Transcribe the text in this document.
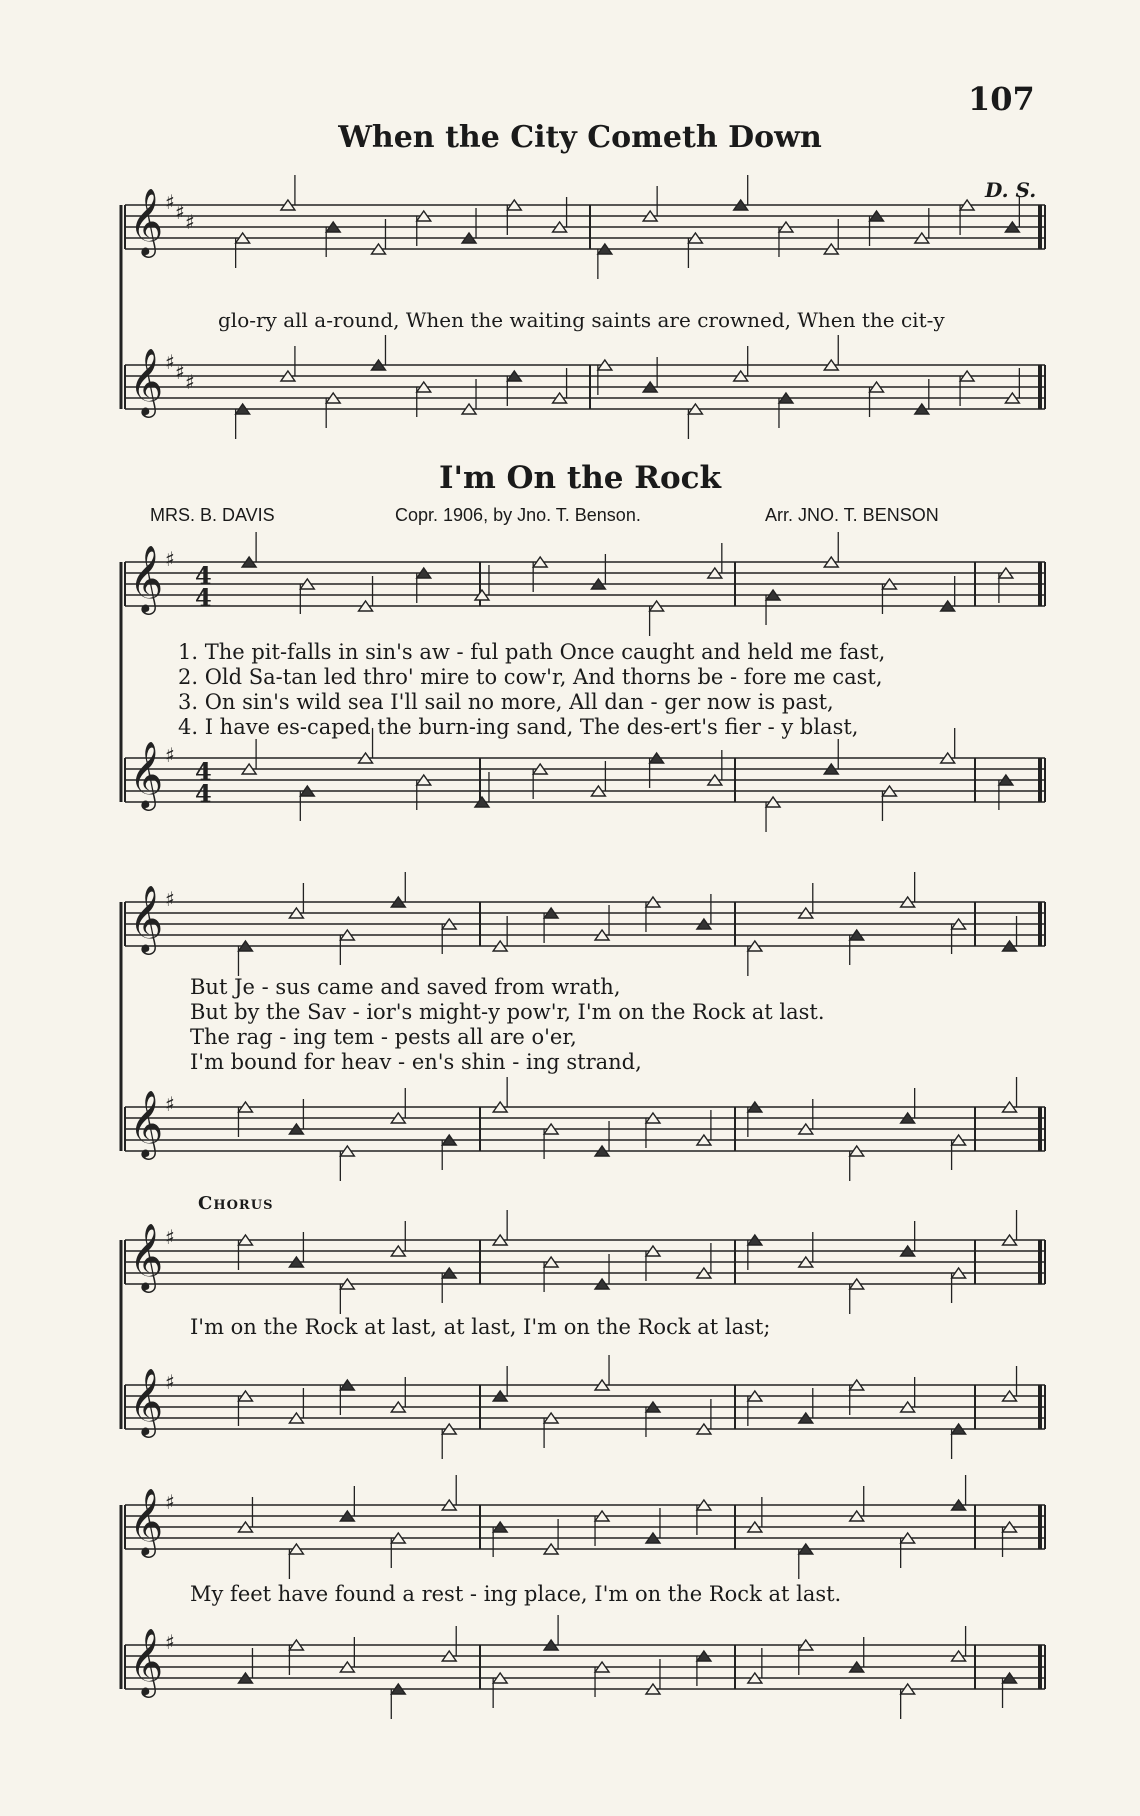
107
When the City Cometh Down
D. S.
glo-ry all a-round, When the waiting saints are crowned, When the cit-y
I'm On the Rock
MRS. B. DAVIS	Copr. 1906, by Jno. T. Benson.	Arr. JNO. T. BENSON
1. The pit-falls in sin's aw - ful path Once caught and held me fast,
2. Old Sa-tan led thro' mire to cow'r, And thorns be - fore me cast,
3. On sin's wild sea I'll sail no more, All dan - ger now is past,
4. I have es-caped the burn-ing sand, The des-ert's fier - y blast,
But Je - sus came and saved from wrath,
But by the Sav - ior's might-y pow'r, I'm on the Rock at last.
The rag - ing tem - pests all are o'er,
I'm bound for heav - en's shin - ing strand,
Chorus
I'm on the Rock at last, at last, I'm on the Rock at last;
My feet have found a rest - ing place, I'm on the Rock at last.
𝄞 ♯ ♯ ♯
𝄞 ♯ ♯ ♯
𝄞 ♯
4
4
𝄞 ♯
4
4
𝄞 ♯
𝄞 ♯
𝄞 ♯
𝄞 ♯
𝄞 ♯
𝄞 ♯
